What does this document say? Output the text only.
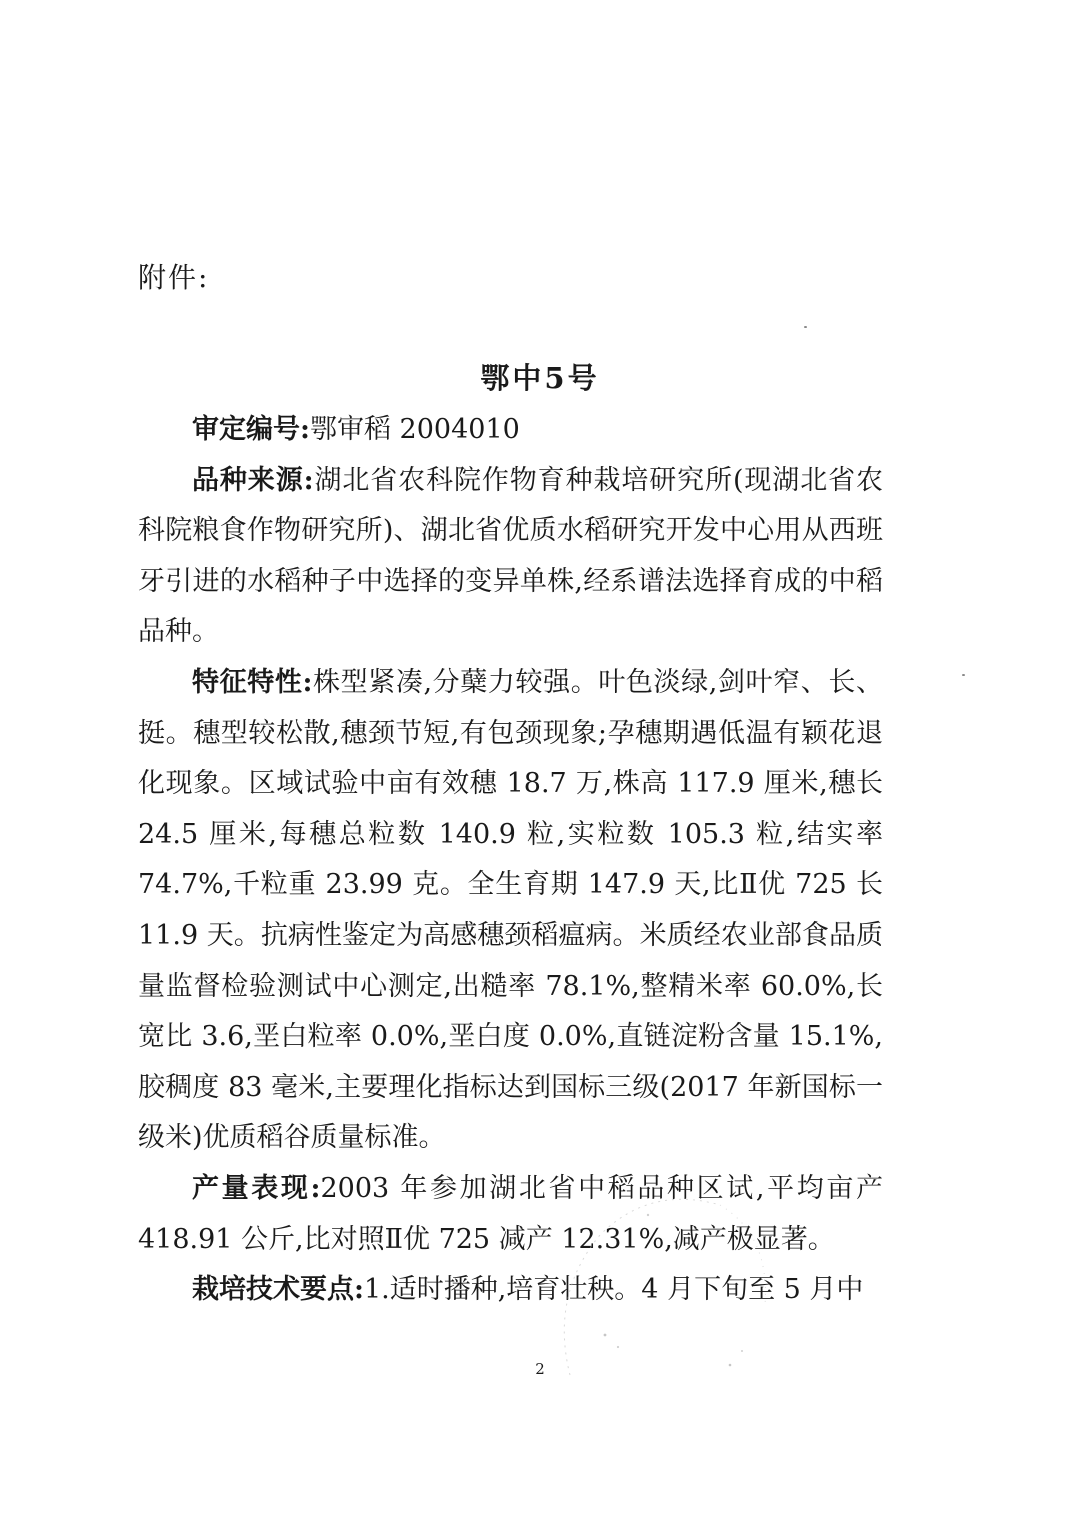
附件:
鄂中5号

审定编号:鄂审稻 2004010

品种来源:湖北省农科院作物育种栽培研究所(现湖北省农科院粮食作物研究所)、湖北省优质水稻研究开发中心用从西班牙引进的水稻种子中选择的变异单株,经系谱法选择育成的中稻品种。

特征特性:株型紧凑,分蘖力较强。叶色淡绿,剑叶窄、长、挺。穗型较松散,穗颈节短,有包颈现象;孕穗期遇低温有颖花退化现象。区域试验中亩有效穗 18.7 万,株高 117.9 厘米,穗长 24.5 厘米,每穗总粒数 140.9 粒,实粒数 105.3 粒,结实率 74.7%,千粒重 23.99 克。全生育期 147.9 天,比Ⅱ优 725 长 11.9 天。抗病性鉴定为高感穗颈稻瘟病。米质经农业部食品质量监督检验测试中心测定,出糙率 78.1%,整精米率 60.0%,长宽比 3.6,垩白粒率 0.0%,垩白度 0.0%,直链淀粉含量 15.1%,胶稠度 83 毫米,主要理化指标达到国标三级(2017 年新国标一级米)优质稻谷质量标准。

产量表现:2003 年参加湖北省中稻品种区试,平均亩产 418.91 公斤,比对照Ⅱ优 725 减产 12.31%,减产极显著。

栽培技术要点:1.适时播种,培育壮秧。4 月下旬至 5 月中

2
